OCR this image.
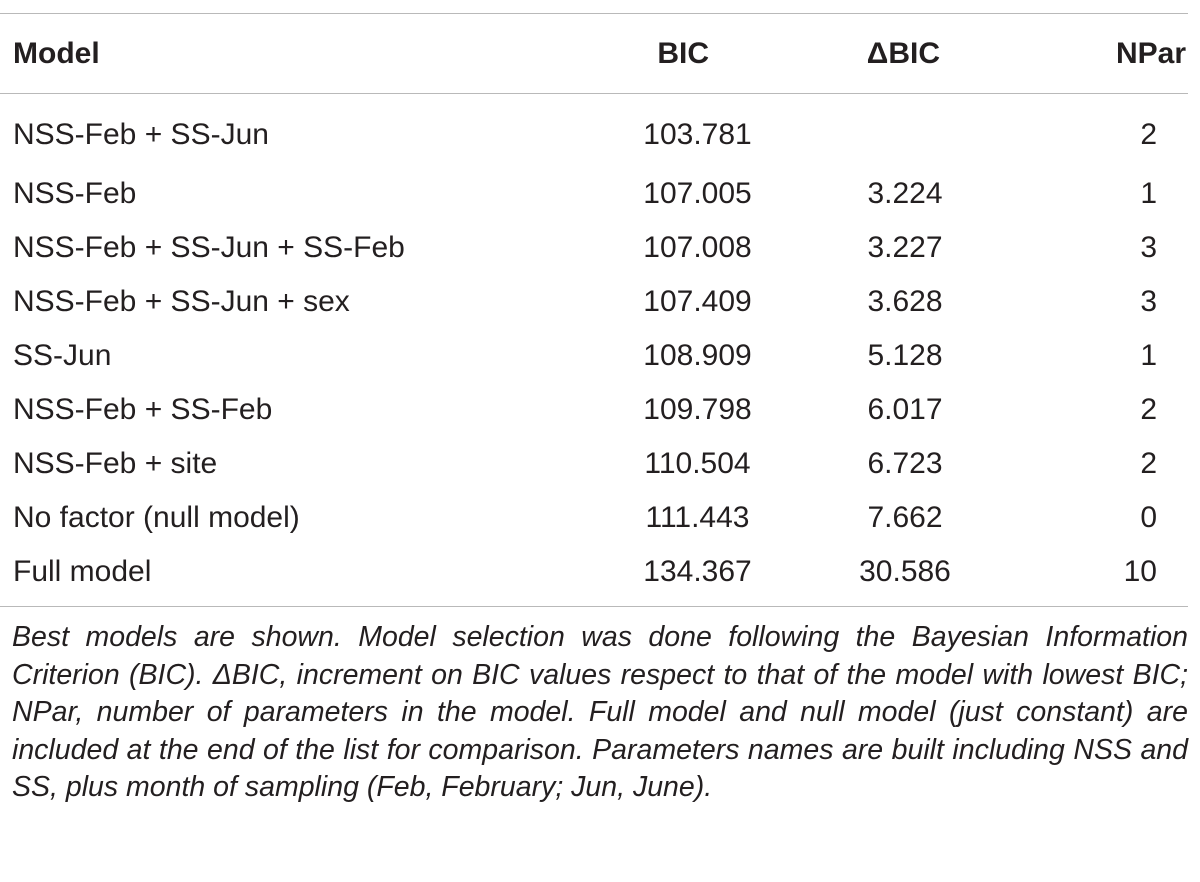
Model	BIC	ΔBIC	NPar
NSS-Feb + SS-Jun	103.781		2
NSS-Feb	107.005	3.224	1
NSS-Feb + SS-Jun + SS-Feb	107.008	3.227	3
NSS-Feb + SS-Jun + sex	107.409	3.628	3
SS-Jun	108.909	5.128	1
NSS-Feb + SS-Feb	109.798	6.017	2
NSS-Feb + site	110.504	6.723	2
No factor (null model)	111.443	7.662	0
Full model	134.367	30.586	10
Best models are shown. Model selection was done following the Bayesian Information Criterion (BIC). ΔBIC, increment on BIC values respect to that of the model with lowest BIC; NPar, number of parameters in the model. Full model and null model (just constant) are included at the end of the list for comparison. Parameters names are built including NSS and SS, plus month of sampling (Feb, February; Jun, June).
